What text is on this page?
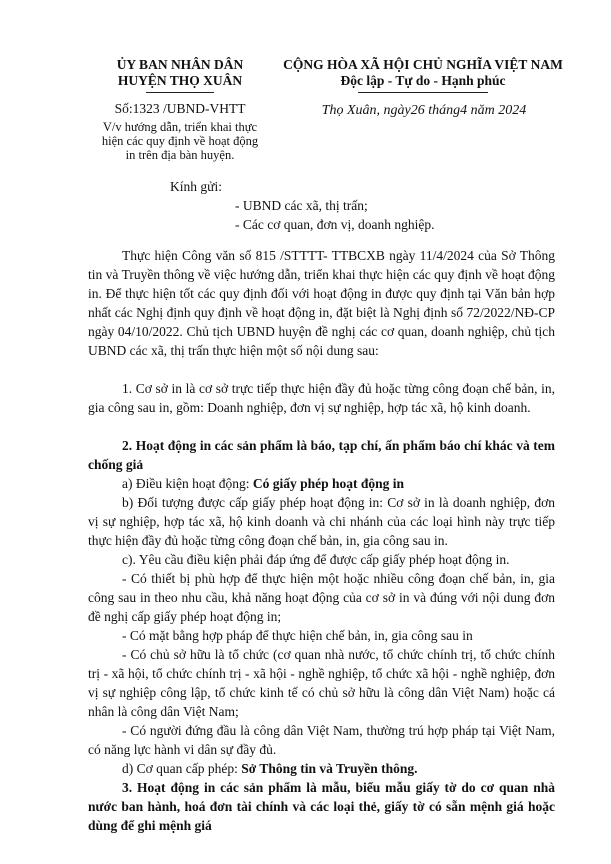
ỦY BAN NHÂN DÂN
HUYỆN THỌ XUÂN
CỘNG HÒA XÃ HỘI CHỦ NGHĨA VIỆT NAM
Độc lập - Tự do - Hạnh phúc
Số:1323 /UBND-VHTT
V/v hướng dẫn, triển khai thực
hiện các quy định về hoạt động
in trên địa bàn huyện.
Thọ Xuân, ngày26 tháng4 năm 2024
Kính gửi:
- UBND các xã, thị trấn;
- Các cơ quan, đơn vị, doanh nghiệp.

Thực hiện Công văn số 815 /STTTT- TTBCXB ngày 11/4/2024 của Sở Thông tin và Truyền thông về việc hướng dẫn, triển khai thực hiện các quy định về hoạt động in. Để thực hiện tốt các quy định đối với hoạt động in được quy định tại Văn bản hợp nhất các Nghị định quy định về hoạt động in, đặt biệt là Nghị định số 72/2022/NĐ-CP ngày 04/10/2022. Chủ tịch UBND huyện đề nghị các cơ quan, doanh nghiệp, chủ tịch UBND các xã, thị trấn thực hiện một số nội dung sau:

1. Cơ sở in là cơ sở trực tiếp thực hiện đầy đủ hoặc từng công đoạn chế bản, in, gia công sau in, gồm: Doanh nghiệp, đơn vị sự nghiệp, hợp tác xã, hộ kinh doanh.

2. Hoạt động in các sản phẩm là báo, tạp chí, ấn phẩm báo chí khác và tem chống giả

a) Điều kiện hoạt động: Có giấy phép hoạt động in

b) Đối tượng được cấp giấy phép hoạt động in: Cơ sở in là doanh nghiệp, đơn vị sự nghiệp, hợp tác xã, hộ kinh doanh và chi nhánh của các loại hình này trực tiếp thực hiện đầy đủ hoặc từng công đoạn chế bản, in, gia công sau in.

c). Yêu cầu điều kiện phải đáp ứng để được cấp giấy phép hoạt động in.

- Có thiết bị phù hợp để thực hiện một hoặc nhiều công đoạn chế bản, in, gia công sau in theo nhu cầu, khả năng hoạt động của cơ sở in và đúng với nội dung đơn đề nghị cấp giấy phép hoạt động in;

- Có mặt bằng hợp pháp để thực hiện chế bản, in, gia công sau in

- Có chủ sở hữu là tổ chức (cơ quan nhà nước, tổ chức chính trị, tổ chức chính trị - xã hội, tổ chức chính trị - xã hội - nghề nghiệp, tổ chức xã hội - nghề nghiệp, đơn vị sự nghiệp công lập, tổ chức kinh tế có chủ sở hữu là công dân Việt Nam) hoặc cá nhân là công dân Việt Nam;

- Có người đứng đầu là công dân Việt Nam, thường trú hợp pháp tại Việt Nam, có năng lực hành vi dân sự đầy đủ.

d) Cơ quan cấp phép: Sở Thông tin và Truyền thông.

3. Hoạt động in các sản phẩm là mẫu, biểu mẫu giấy tờ do cơ quan nhà nước ban hành, hoá đơn tài chính và các loại thẻ, giấy tờ có sẵn mệnh giá hoặc dùng để ghi mệnh giá
